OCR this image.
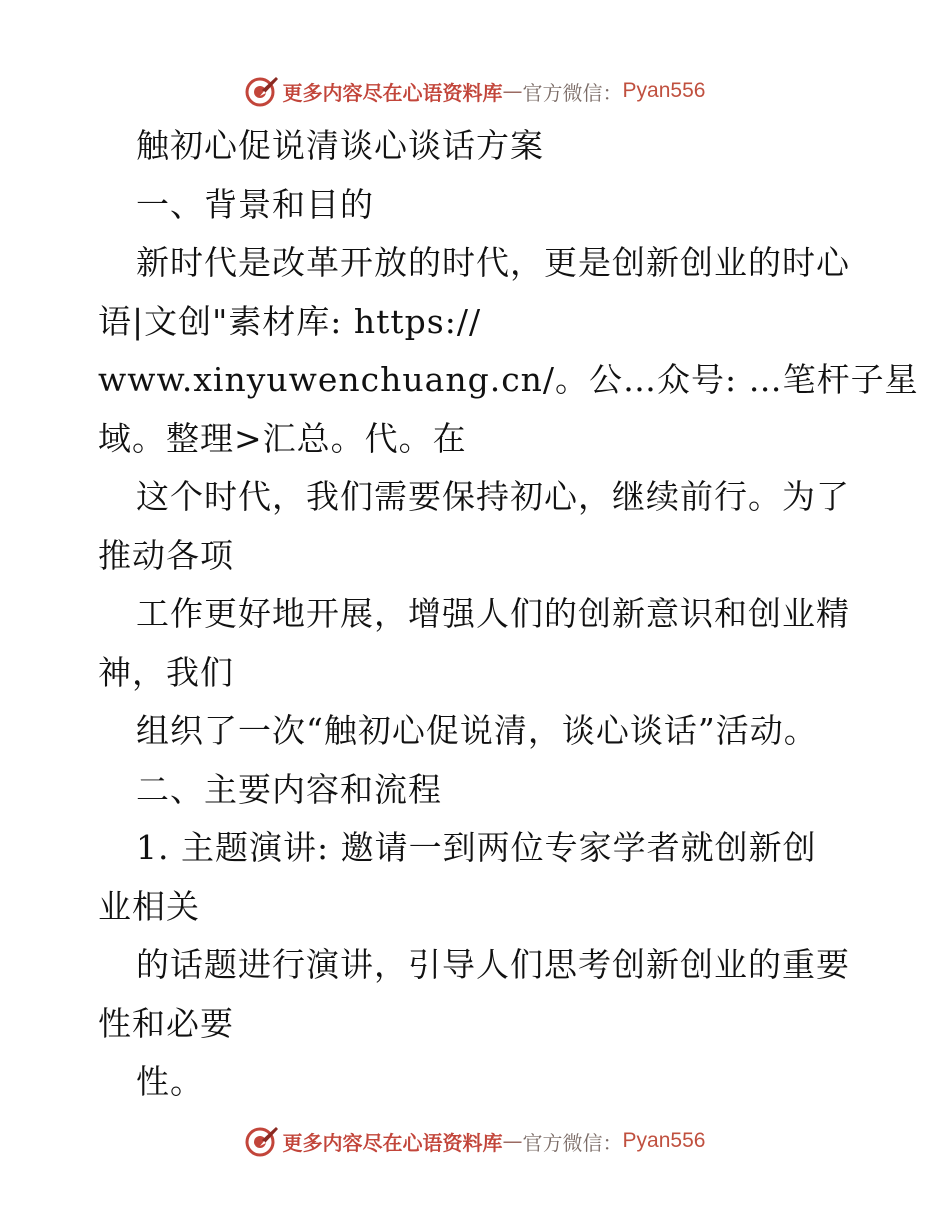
更多内容尽在心语资料库 — 官方微信： Pyan556
触初心促说清谈心谈话方案
一、背景和目的
新时代是改革开放的时代，更是创新创业的时心
语|文创"素材库: https://
www.xinyuwenchuang.cn/。公…众号: …笔杆子星
域。整理>汇总。代。在
这个时代，我们需要保持初心，继续前行。为了
推动各项
工作更好地开展，增强人们的创新意识和创业精
神，我们
组织了一次“触初心促说清，谈心谈话”活动。
二、主要内容和流程
1. 主题演讲: 邀请一到两位专家学者就创新创
业相关
的话题进行演讲，引导人们思考创新创业的重要
性和必要
性。
更多内容尽在心语资料库 — 官方微信： Pyan556
